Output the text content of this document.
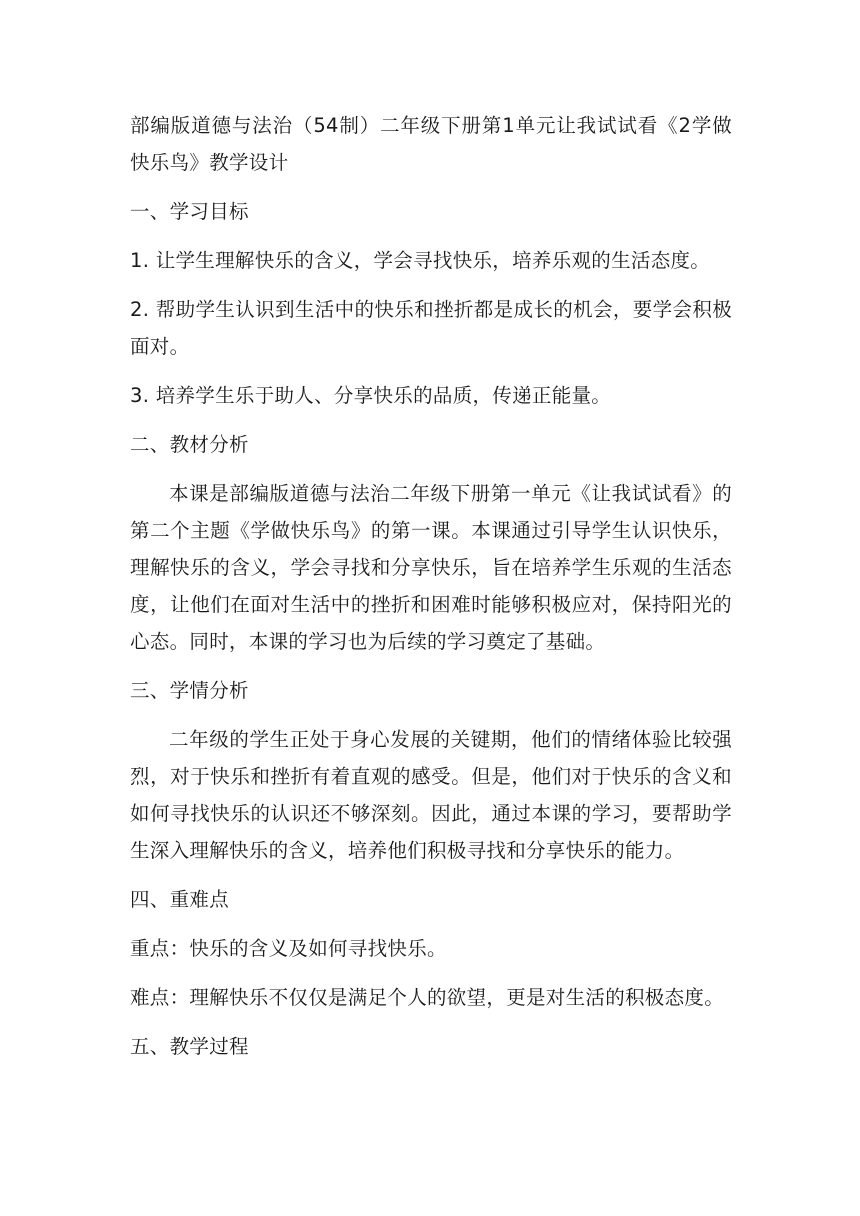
部编版道德与法治（54制）二年级下册第1单元让我试试看《2学做快乐鸟》教学设计

一、学习目标

1. 让学生理解快乐的含义，学会寻找快乐，培养乐观的生活态度。

2. 帮助学生认识到生活中的快乐和挫折都是成长的机会，要学会积极面对。

3. 培养学生乐于助人、分享快乐的品质，传递正能量。

二、教材分析

本课是部编版道德与法治二年级下册第一单元《让我试试看》的第二个主题《学做快乐鸟》的第一课。本课通过引导学生认识快乐，理解快乐的含义，学会寻找和分享快乐，旨在培养学生乐观的生活态度，让他们在面对生活中的挫折和困难时能够积极应对，保持阳光的心态。同时，本课的学习也为后续的学习奠定了基础。

三、学情分析

二年级的学生正处于身心发展的关键期，他们的情绪体验比较强烈，对于快乐和挫折有着直观的感受。但是，他们对于快乐的含义和如何寻找快乐的认识还不够深刻。因此，通过本课的学习，要帮助学生深入理解快乐的含义，培养他们积极寻找和分享快乐的能力。

四、重难点

重点：快乐的含义及如何寻找快乐。

难点：理解快乐不仅仅是满足个人的欲望，更是对生活的积极态度。

五、教学过程
